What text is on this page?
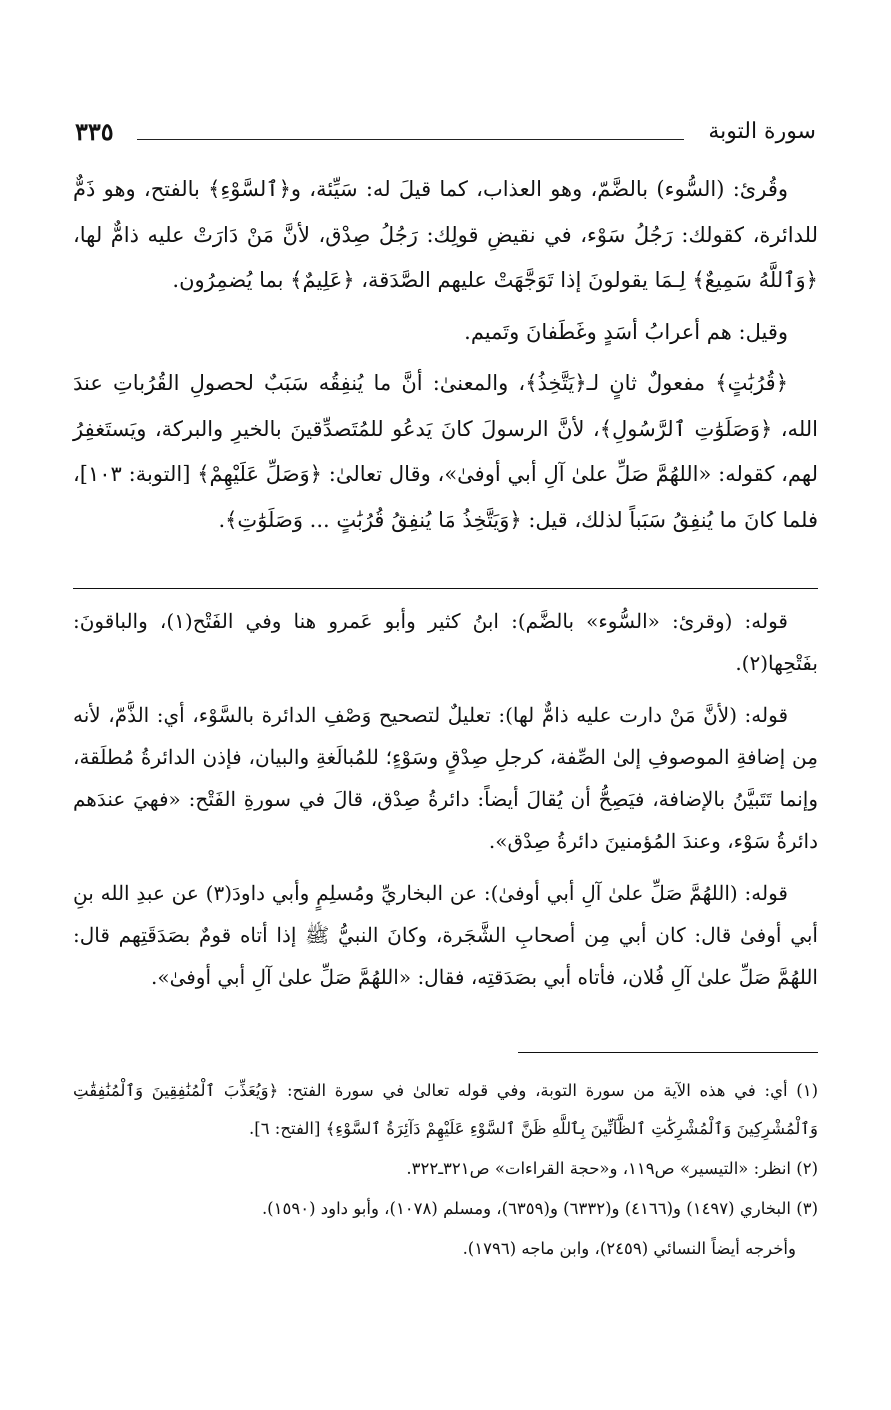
سورة التوبة
٣٣٥

وقُرئ: (السُّوء) بالضَّمّ، وهو العذاب، كما قيلَ له: سَيِّئة، و﴿ٱلسَّوْءِ﴾ بالفتح، وهو ذَمٌّ للدائرة، كقولك: رَجُلُ سَوْء، في نقيضِ قولِك: رَجُلُ صِدْق، لأنَّ مَنْ دَارَتْ عليه ذامٌّ لها، ﴿وَٱللَّهُ سَمِيعٌ﴾ لِـمَا يقولونَ إذا تَوَجَّهَتْ عليهم الصَّدَقة، ﴿عَلِيمٌ﴾ بما يُضمِرُون.

وقيل: هم أعرابُ أسَدٍ وغَطَفانَ وتَميم.

﴿قُرُبَٰتٍ﴾ مفعولٌ ثانٍ لـ﴿يَتَّخِذُ﴾، والمعنىٰ: أنَّ ما يُنفِقُه سَبَبٌ لحصولِ القُرُباتِ عندَ الله، ﴿وَصَلَوَٰتِ ٱلرَّسُولِ﴾، لأنَّ الرسولَ كانَ يَدعُو للمُتَصدِّقينَ بالخيرِ والبركة، ويَستَغفِرُ لهم، كقوله: «اللهُمَّ صَلِّ علىٰ آلِ أبي أوفىٰ»، وقال تعالىٰ: ﴿وَصَلِّ عَلَيْهِمْ﴾ [التوبة: ١٠٣]، فلما كانَ ما يُنفِقُ سَبَباً لذلك، قيل: ﴿وَيَتَّخِذُ مَا يُنفِقُ قُرُبَٰتٍ ... وَصَلَوَٰتِ﴾.

قوله: (وقرئ: «السُّوء» بالضَّم): ابنُ كثير وأبو عَمرو هنا وفي الفَتْح(١)، والباقونَ: بفَتْحِها(٢).

قوله: (لأنَّ مَنْ دارت عليه ذامٌّ لها): تعليلٌ لتصحيح وَصْفِ الدائرة بالسَّوْء، أي: الذَّمّ، لأنه مِن إضافةِ الموصوفِ إلىٰ الصِّفة، كرجلِ صِدْقٍ وسَوْءٍ؛ للمُبالَغةِ والبيان، فإذن الدائرةُ مُطلَقة، وإنما تَتَبيَّنُ بالإضافة، فيَصِحُّ أن يُقالَ أيضاً: دائرةُ صِدْق، قالَ في سورةِ الفَتْح: «فهيَ عندَهم دائرةُ سَوْء، وعندَ المُؤمنينَ دائرةُ صِدْق».

قوله: (اللهُمَّ صَلِّ علىٰ آلِ أبي أوفىٰ): عن البخاريِّ ومُسلِمٍ وأبي داودَ(٣) عن عبدِ الله بنِ أبي أوفىٰ قال: كان أبي مِن أصحابِ الشَّجَرة، وكانَ النبيُّ ﷺ إذا أتاه قومٌ بصَدَقَتِهم قال: اللهُمَّ صَلِّ علىٰ آلِ فُلان، فأتاه أبي بصَدَقتِه، فقال: «اللهُمَّ صَلِّ علىٰ آلِ أبي أوفىٰ».

(١) أي: في هذه الآية من سورة التوبة، وفي قوله تعالىٰ في سورة الفتح: ﴿وَيُعَذِّبَ ٱلْمُنَٰفِقِينَ وَٱلْمُنَٰفِقَٰتِ وَٱلْمُشْرِكِينَ وَٱلْمُشْرِكَٰتِ ٱلظَّآنِّينَ بِٱللَّهِ ظَنَّ ٱلسَّوْءِ عَلَيْهِمْ دَآئِرَةُ ٱلسَّوْءِ﴾ [الفتح: ٦].

(٢) انظر: «التيسير» ص١١٩، و«حجة القراءات» ص٣٢١ـ٣٢٢.

(٣) البخاري (١٤٩٧) و(٤١٦٦) و(٦٣٣٢) و(٦٣٥٩)، ومسلم (١٠٧٨)، وأبو داود (١٥٩٠).

وأخرجه أيضاً النسائي (٢٤٥٩)، وابن ماجه (١٧٩٦).
